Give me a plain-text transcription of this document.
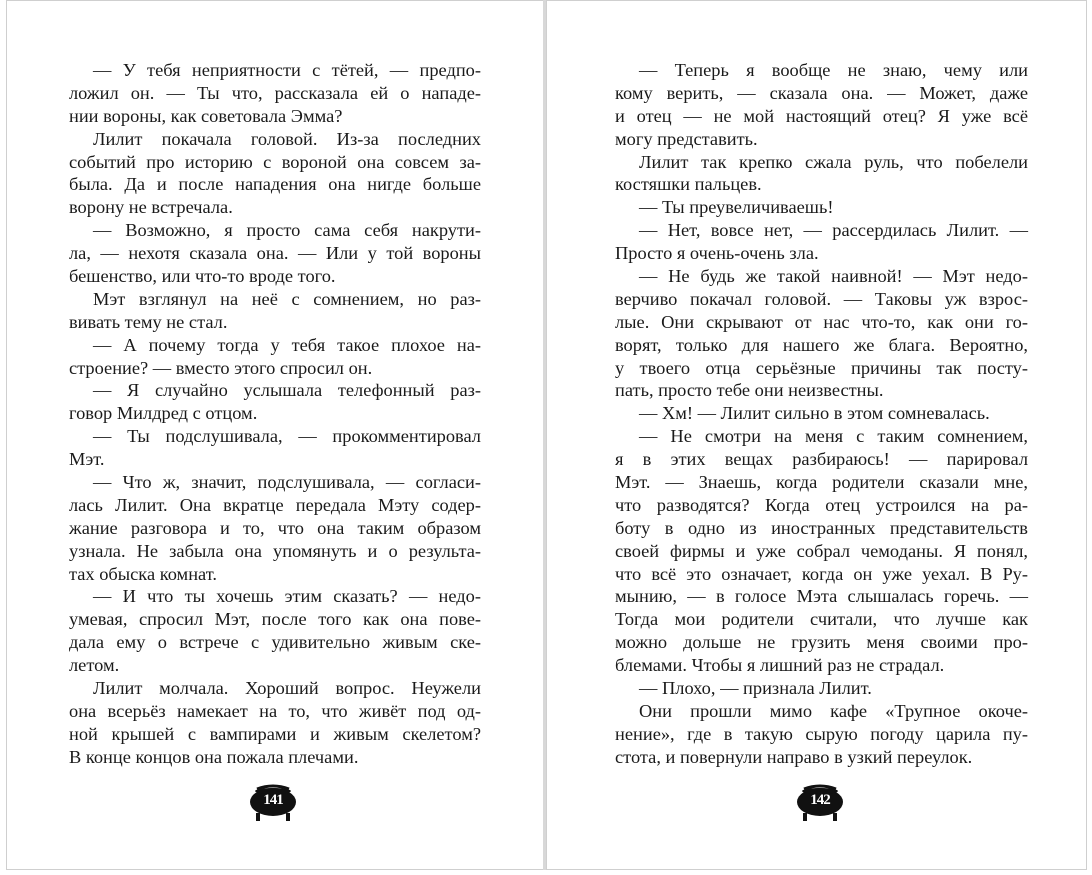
— У тебя неприятности с тётей, — предпо-
ложил он. — Ты что, рассказала ей о нападе-
нии вороны, как советовала Эмма?
Лилит покачала головой. Из-за последних
событий про историю с вороной она совсем за-
была. Да и после нападения она нигде больше
ворону не встречала.
— Возможно, я просто сама себя накрути-
ла, — нехотя сказала она. — Или у той вороны
бешенство, или что-то вроде того.
Мэт взглянул на неё с сомнением, но раз-
вивать тему не стал.
— А почему тогда у тебя такое плохое на-
строение? — вместо этого спросил он.
— Я случайно услышала телефонный раз-
говор Милдред с отцом.
— Ты подслушивала, — прокомментировал
Мэт.
— Что ж, значит, подслушивала, — согласи-
лась Лилит. Она вкратце передала Мэту содер-
жание разговора и то, что она таким образом
узнала. Не забыла она упомянуть и о результа-
тах обыска комнат.
— И что ты хочешь этим сказать? — недо-
умевая, спросил Мэт, после того как она пове-
дала ему о встрече с удивительно живым ске-
летом.
Лилит молчала. Хороший вопрос. Неужели
она всерьёз намекает на то, что живёт под од-
ной крышей с вампирами и живым скелетом?
В конце концов она пожала плечами.
141
— Теперь я вообще не знаю, чему или
кому верить, — сказала она. — Может, даже
и отец — не мой настоящий отец? Я уже всё
могу представить.
Лилит так крепко сжала руль, что побелели
костяшки пальцев.
— Ты преувеличиваешь!
— Нет, вовсе нет, — рассердилась Лилит. —
Просто я очень-очень зла.
— Не будь же такой наивной! — Мэт недо-
верчиво покачал головой. — Таковы уж взрос-
лые. Они скрывают от нас что-то, как они го-
ворят, только для нашего же блага. Вероятно,
у твоего отца серьёзные причины так посту-
пать, просто тебе они неизвестны.
— Хм! — Лилит сильно в этом сомневалась.
— Не смотри на меня с таким сомнением,
я в этих вещах разбираюсь! — парировал
Мэт. — Знаешь, когда родители сказали мне,
что разводятся? Когда отец устроился на ра-
боту в одно из иностранных представительств
своей фирмы и уже собрал чемоданы. Я понял,
что всё это означает, когда он уже уехал. В Ру-
мынию, — в голосе Мэта слышалась горечь. —
Тогда мои родители считали, что лучше как
можно дольше не грузить меня своими про-
блемами. Чтобы я лишний раз не страдал.
— Плохо, — признала Лилит.
Они прошли мимо кафе «Трупное окоче-
нение», где в такую сырую погоду царила пу-
стота, и повернули направо в узкий переулок.
142
